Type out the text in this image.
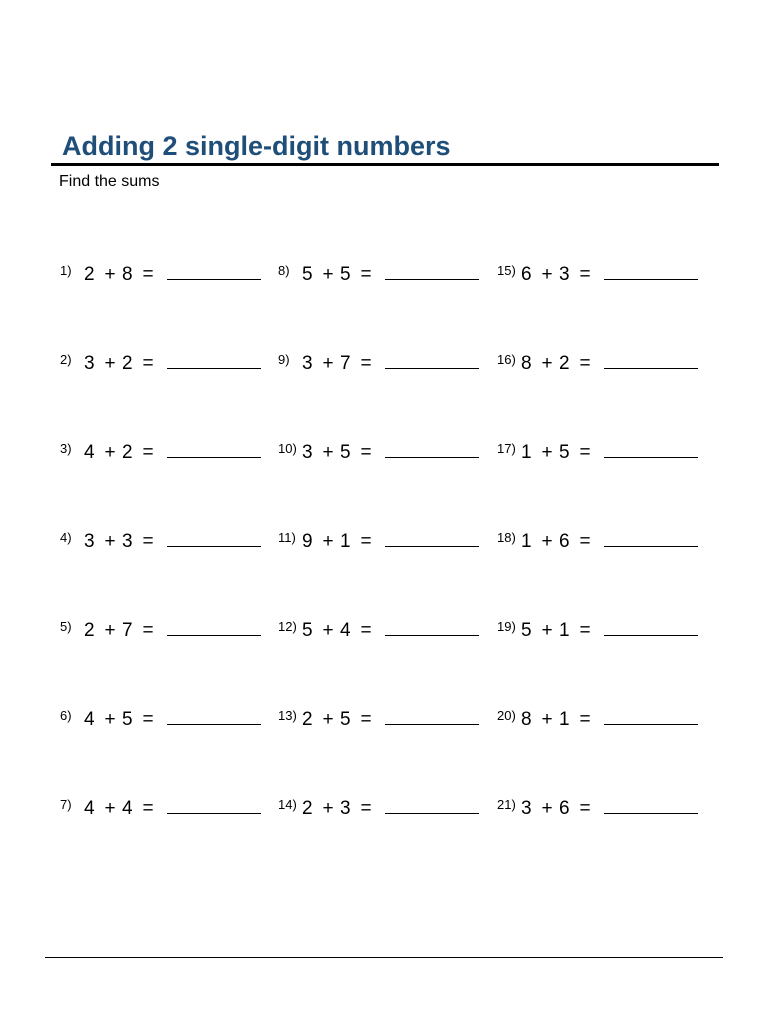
Adding 2 single-digit numbers
Find the sums
1) 2 + 8 =
2) 3 + 2 =
3) 4 + 2 =
4) 3 + 3 =
5) 2 + 7 =
6) 4 + 5 =
7) 4 + 4 =
8) 5 + 5 =
9) 3 + 7 =
10) 3 + 5 =
11) 9 + 1 =
12) 5 + 4 =
13) 2 + 5 =
14) 2 + 3 =
15) 6 + 3 =
16) 8 + 2 =
17) 1 + 5 =
18) 1 + 6 =
19) 5 + 1 =
20) 8 + 1 =
21) 3 + 6 =
